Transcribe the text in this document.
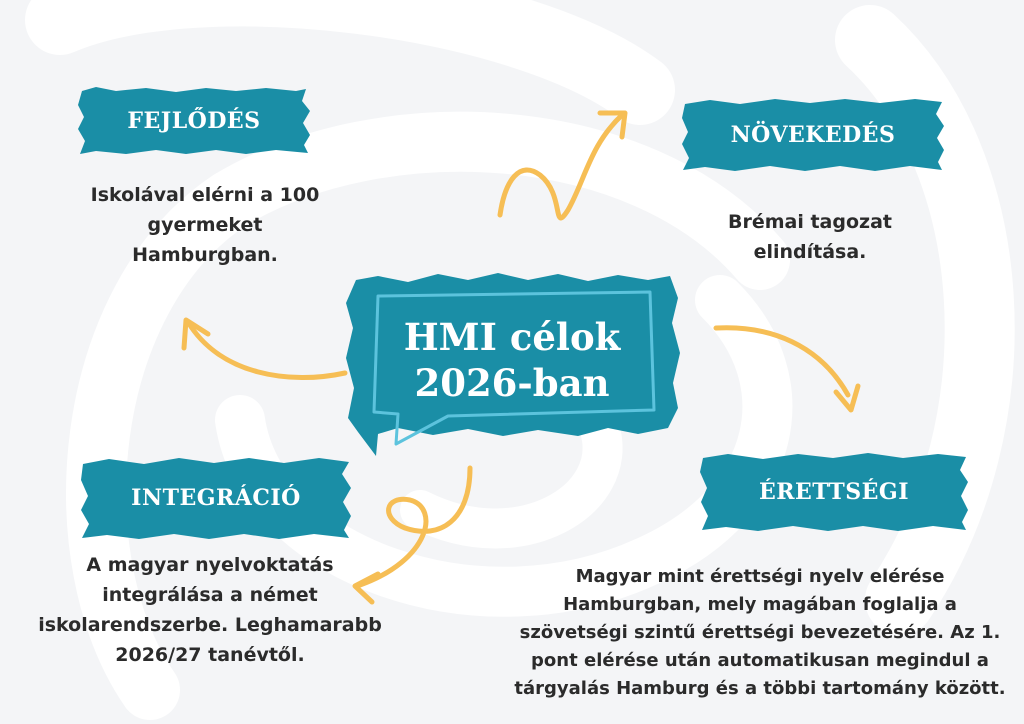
HMI célok
2026-ban
FEJLŐDÉS
Iskolával elérni a 100
gyermeket
Hamburgban.
NÖVEKEDÉS
Brémai tagozat
elindítása.
INTEGRÁCIÓ
A magyar nyelvoktatás
integrálása a német
iskolarendszerbe. Leghamarabb
2026/27 tanévtől.
ÉRETTSÉGI
Magyar mint érettségi nyelv elérése
Hamburgban, mely magában foglalja a
szövetségi szintű érettségi bevezetésére. Az 1.
pont elérése után automatikusan megindul a
tárgyalás Hamburg és a többi tartomány között.
